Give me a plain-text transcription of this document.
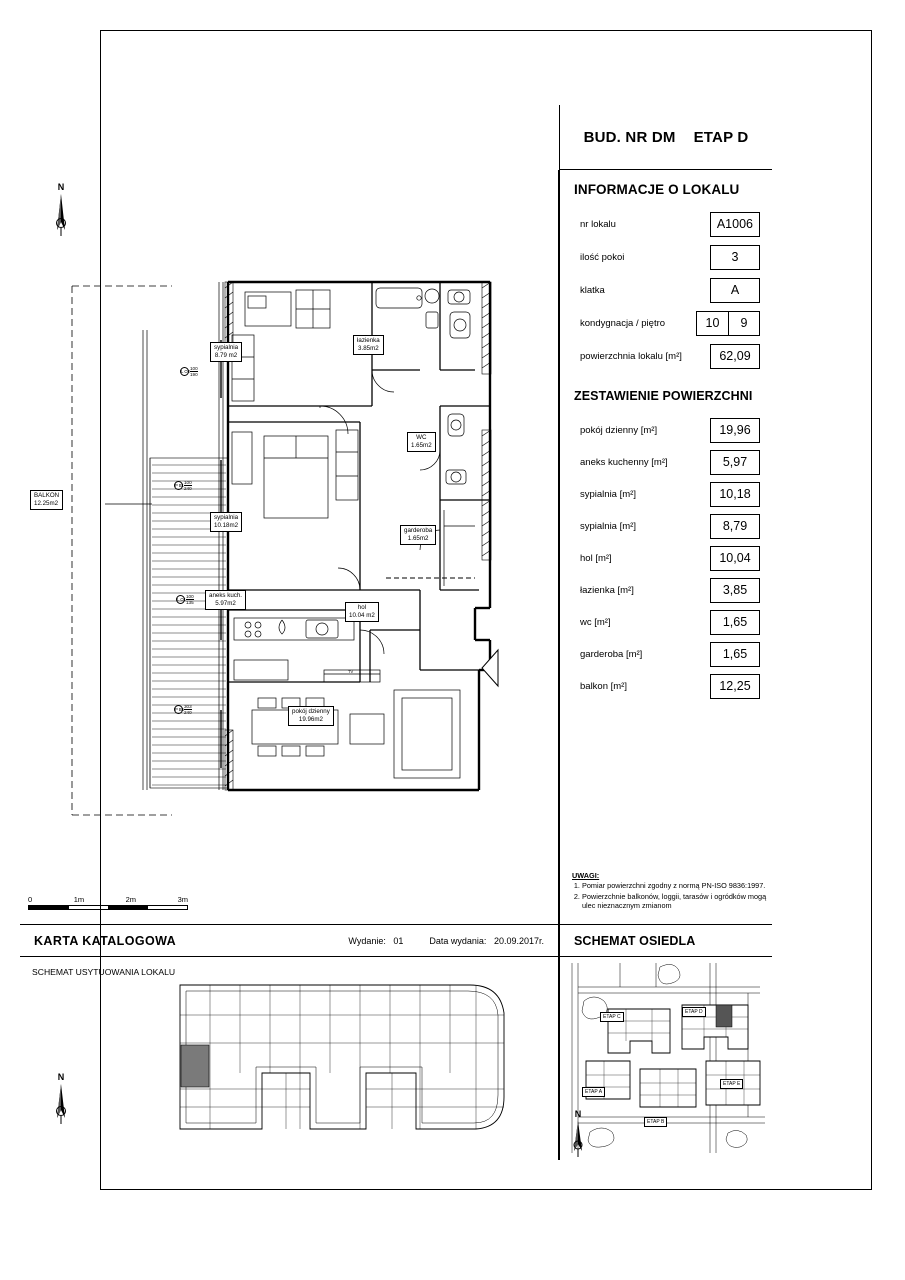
BUD. NR DM ETAP D
INFORMACJE O LOKALU
nr lokalu	A1006
ilość pokoi	3
klatka	A
kondygnacja / piętro	10	9
powierzchnia lokalu [m²]	62,09
ZESTAWIENIE POWIERZCHNI
pokój dzienny [m²]	19,96
aneks kuchenny [m²]	5,97
sypialnia [m²]	10,18
sypialnia [m²]	8,79
hol [m²]	10,04
łazienka [m²]	3,85
wc [m²]	1,65
garderoba [m²]	1,65
balkon [m²]	12,25
UWAGI:
1. Pomiar powierzchni zgodny z normą PN-ISO 9836:1997.
2. Powierzchnie balkonów, loggii, tarasów i ogródków mogą ulec nieznacznym zmianom
N
sypialnia
8.79 m2
łazienka
3.85m2
WC
1.65m2
garderoba
1.65m2
sypialnia
10.18m2
aneks kuch.
5.97m2
hol
10.04 m2
pokój dzienny
19.96m2
BALKON
12.25m2
L $O2 \frac{100}{190}$
P $B1 \frac{100}{240}$
L $O1 \frac{100}{135}$
P $B5 \frac{303}{240}$
TV
0	1m	2m	3m
KARTA KATALOGOWA	Wydanie: 01	Data wydania: 20.09.2017r.
SCHEMAT USYTUOWANIA LOKALU
N
SCHEMAT OSIEDLA
ETAP C
ETAP D
ETAP A
ETAP E
ETAP B
N
